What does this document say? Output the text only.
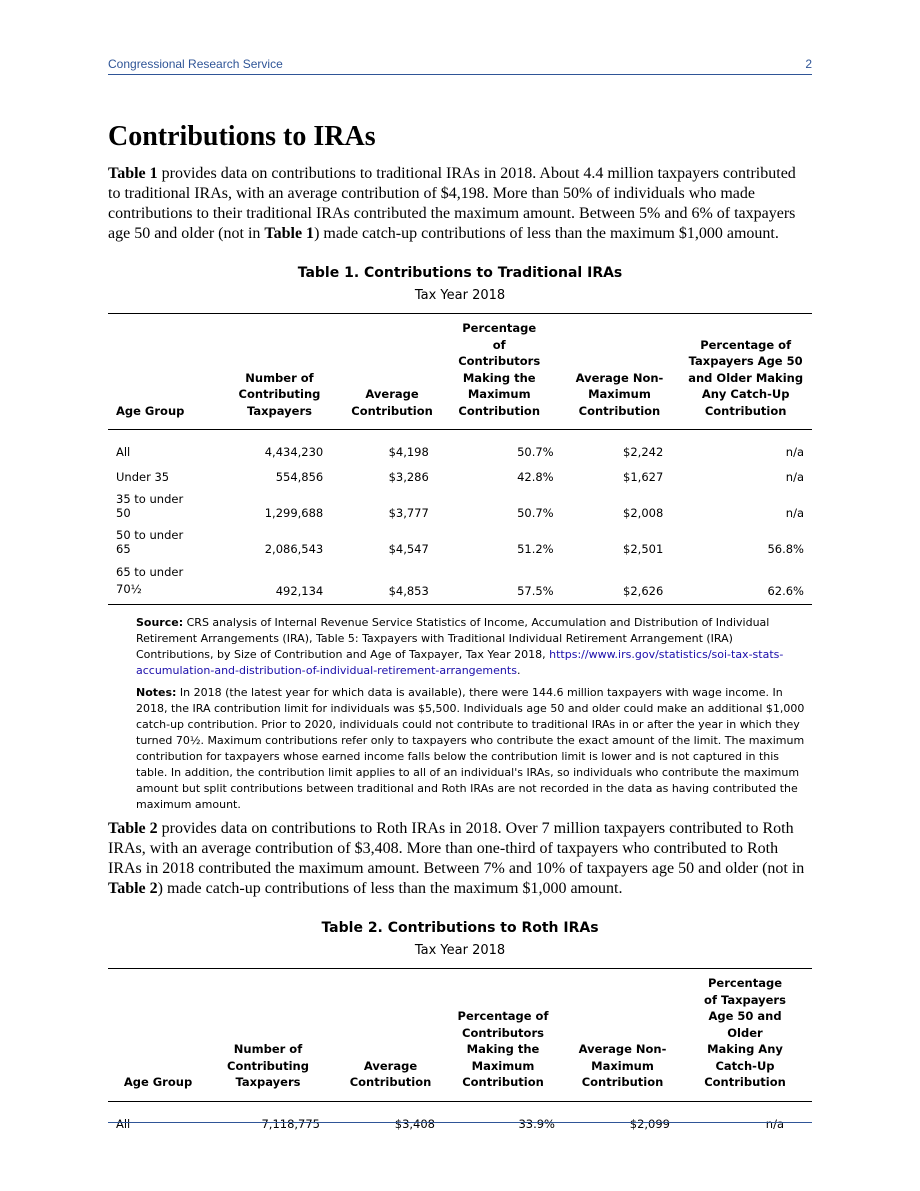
Congressional Research Service	2
Contributions to IRAs

Table 1 provides data on contributions to traditional IRAs in 2018. About 4.4 million taxpayers contributed to traditional IRAs, with an average contribution of $4,198. More than 50% of individuals who made contributions to their traditional IRAs contributed the maximum amount. Between 5% and 6% of taxpayers age 50 and older (not in Table 1) made catch-up contributions of less than the maximum $1,000 amount.

Table 1. Contributions to Traditional IRAs
Tax Year 2018
Age Group	Number of Contributing Taxpayers	Average Contribution	Percentage of Contributors Making the Maximum Contribution	Average Non-Maximum Contribution	Percentage of Taxpayers Age 50 and Older Making Any Catch-Up Contribution
All	4,434,230	$4,198	50.7%	$2,242	n/a
Under 35	554,856	$3,286	42.8%	$1,627	n/a
35 to under 50	1,299,688	$3,777	50.7%	$2,008	n/a
50 to under 65	2,086,543	$4,547	51.2%	$2,501	56.8%
65 to under 70½	492,134	$4,853	57.5%	$2,626	62.6%

Source: CRS analysis of Internal Revenue Service Statistics of Income, Accumulation and Distribution of Individual Retirement Arrangements (IRA), Table 5: Taxpayers with Traditional Individual Retirement Arrangement (IRA) Contributions, by Size of Contribution and Age of Taxpayer, Tax Year 2018, https://www.irs.gov/statistics/soi-tax-stats-accumulation-and-distribution-of-individual-retirement-arrangements.

Notes: In 2018 (the latest year for which data is available), there were 144.6 million taxpayers with wage income. In 2018, the IRA contribution limit for individuals was $5,500. Individuals age 50 and older could make an additional $1,000 catch-up contribution. Prior to 2020, individuals could not contribute to traditional IRAs in or after the year in which they turned 70½. Maximum contributions refer only to taxpayers who contribute the exact amount of the limit. The maximum contribution for taxpayers whose earned income falls below the contribution limit is lower and is not captured in this table. In addition, the contribution limit applies to all of an individual's IRAs, so individuals who contribute the maximum amount but split contributions between traditional and Roth IRAs are not recorded in the data as having contributed the maximum amount.

Table 2 provides data on contributions to Roth IRAs in 2018. Over 7 million taxpayers contributed to Roth IRAs, with an average contribution of $3,408. More than one-third of taxpayers who contributed to Roth IRAs in 2018 contributed the maximum amount. Between 7% and 10% of taxpayers age 50 and older (not in Table 2) made catch-up contributions of less than the maximum $1,000 amount.

Table 2. Contributions to Roth IRAs
Tax Year 2018
Age Group	Number of Contributing Taxpayers	Average Contribution	Percentage of Contributors Making the Maximum Contribution	Average Non-Maximum Contribution	Percentage of Taxpayers Age 50 and Older Making Any Catch-Up Contribution
All	7,118,775	$3,408	33.9%	$2,099	n/a
